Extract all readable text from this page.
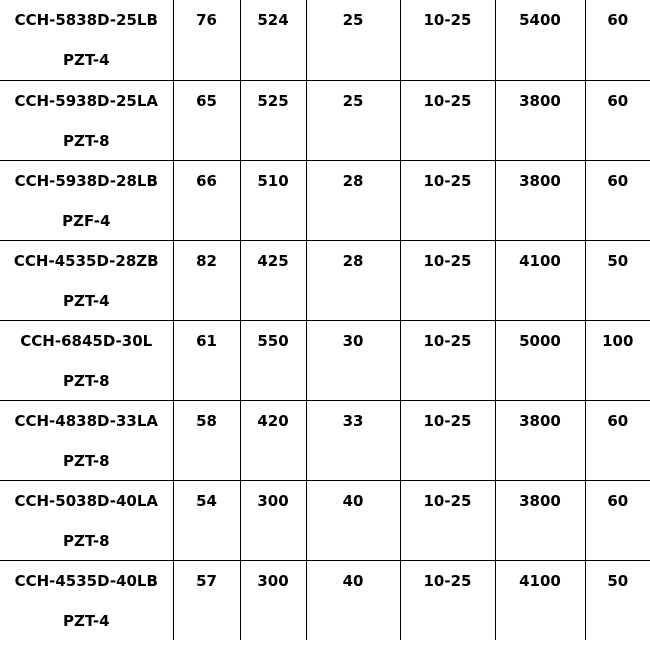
CCH-5838D-25LB
PZT-4	76	524	25	10-25	5400	60

CCH-5938D-25LA
PZT-8	65	525	25	10-25	3800	60

CCH-5938D-28LB
PZF-4	66	510	28	10-25	3800	60

CCH-4535D-28ZB
PZT-4	82	425	28	10-25	4100	50

CCH-6845D-30L
PZT-8	61	550	30	10-25	5000	100

CCH-4838D-33LA
PZT-8	58	420	33	10-25	3800	60

CCH-5038D-40LA
PZT-8	54	300	40	10-25	3800	60

CCH-4535D-40LB
PZT-4	57	300	40	10-25	4100	50
